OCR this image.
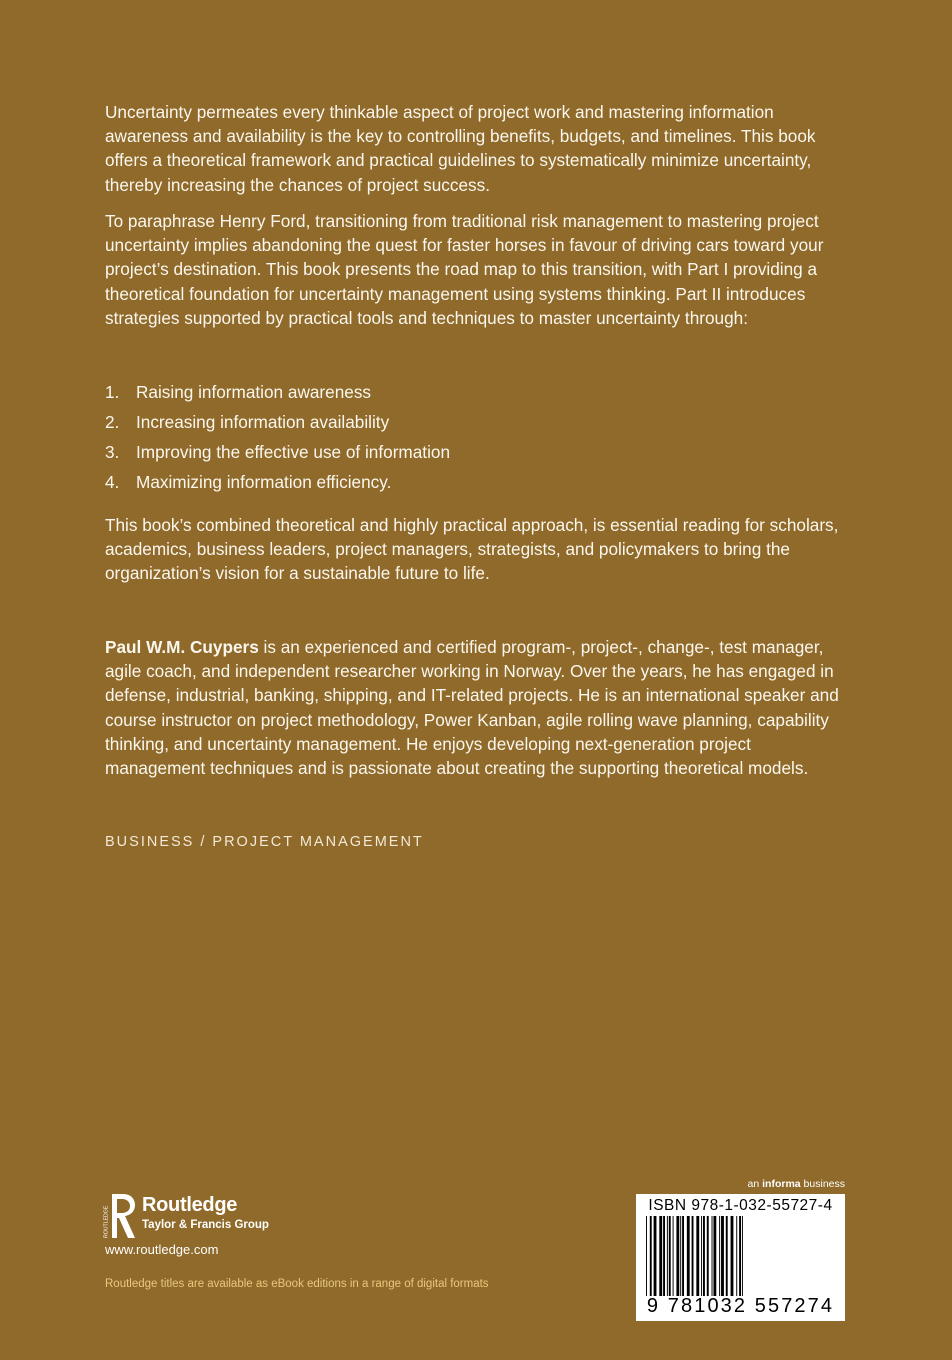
Uncertainty permeates every thinkable aspect of project work and mastering information awareness and availability is the key to controlling benefits, budgets, and timelines. This book offers a theoretical framework and practical guidelines to systematically minimize uncertainty, thereby increasing the chances of project success.

To paraphrase Henry Ford, transitioning from traditional risk management to mastering project uncertainty implies abandoning the quest for faster horses in favour of driving cars toward your project’s destination. This book presents the road map to this transition, with Part I providing a theoretical foundation for uncertainty management using systems thinking. Part II introduces strategies supported by practical tools and techniques to master uncertainty through:

1. Raising information awareness
2. Increasing information availability
3. Improving the effective use of information
4. Maximizing information efficiency.

This book’s combined theoretical and highly practical approach, is essential reading for scholars, academics, business leaders, project managers, strategists, and policymakers to bring the organization’s vision for a sustainable future to life.

Paul W.M. Cuypers is an experienced and certified program-, project-, change-, test manager, agile coach, and independent researcher working in Norway. Over the years, he has engaged in defense, industrial, banking, shipping, and IT-related projects. He is an international speaker and course instructor on project methodology, Power Kanban, agile rolling wave planning, capability thinking, and uncertainty management. He enjoys developing next-generation project management techniques and is passionate about creating the supporting theoretical models.

BUSINESS / PROJECT MANAGEMENT
ROUTLEDGE
Routledge
Taylor & Francis Group
www.routledge.com
Routledge titles are available as eBook editions in a range of digital formats
an informa business
ISBN 978-1-032-55727-4
9 781032 557274
